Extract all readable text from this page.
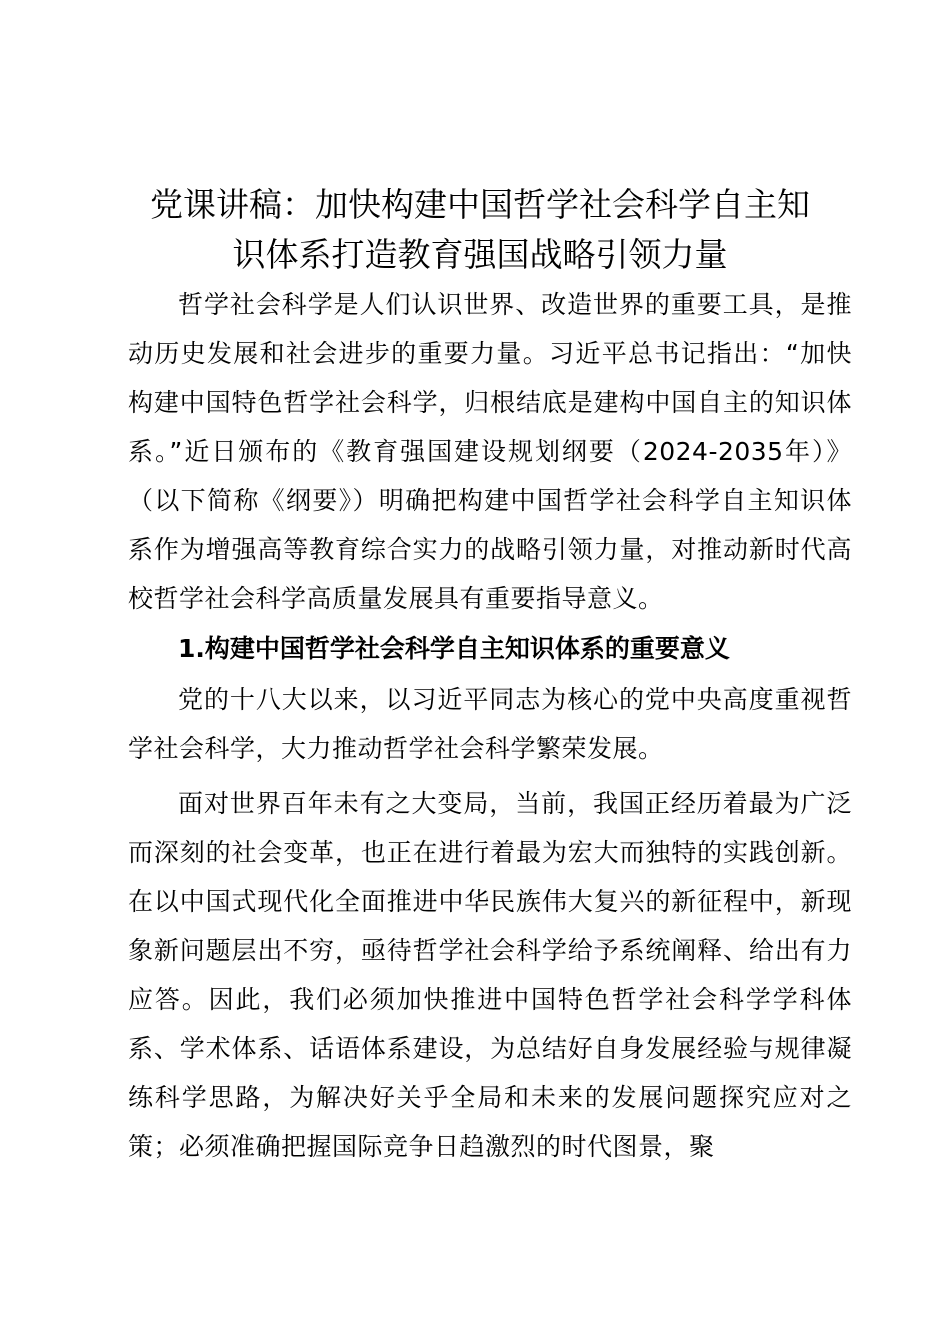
党课讲稿：加快构建中国哲学社会科学自主知
识体系打造教育强国战略引领力量

哲学社会科学是人们认识世界、改造世界的重要工具，是推动历史发展和社会进步的重要力量。习近平总书记指出：“加快构建中国特色哲学社会科学，归根结底是建构中国自主的知识体系。”近日颁布的《教育强国建设规划纲要（2024-2035年）》（以下简称《纲要》）明确把构建中国哲学社会科学自主知识体系作为增强高等教育综合实力的战略引领力量，对推动新时代高校哲学社会科学高质量发展具有重要指导意义。

1.构建中国哲学社会科学自主知识体系的重要意义

党的十八大以来，以习近平同志为核心的党中央高度重视哲学社会科学，大力推动哲学社会科学繁荣发展。

面对世界百年未有之大变局，当前，我国正经历着最为广泛而深刻的社会变革，也正在进行着最为宏大而独特的实践创新。在以中国式现代化全面推进中华民族伟大复兴的新征程中，新现象新问题层出不穷，亟待哲学社会科学给予系统阐释、给出有力应答。因此，我们必须加快推进中国特色哲学社会科学学科体系、学术体系、话语体系建设，为总结好自身发展经验与规律凝练科学思路，为解决好关乎全局和未来的发展问题探究应对之策；必须准确把握国际竞争日趋激烈的时代图景，聚
